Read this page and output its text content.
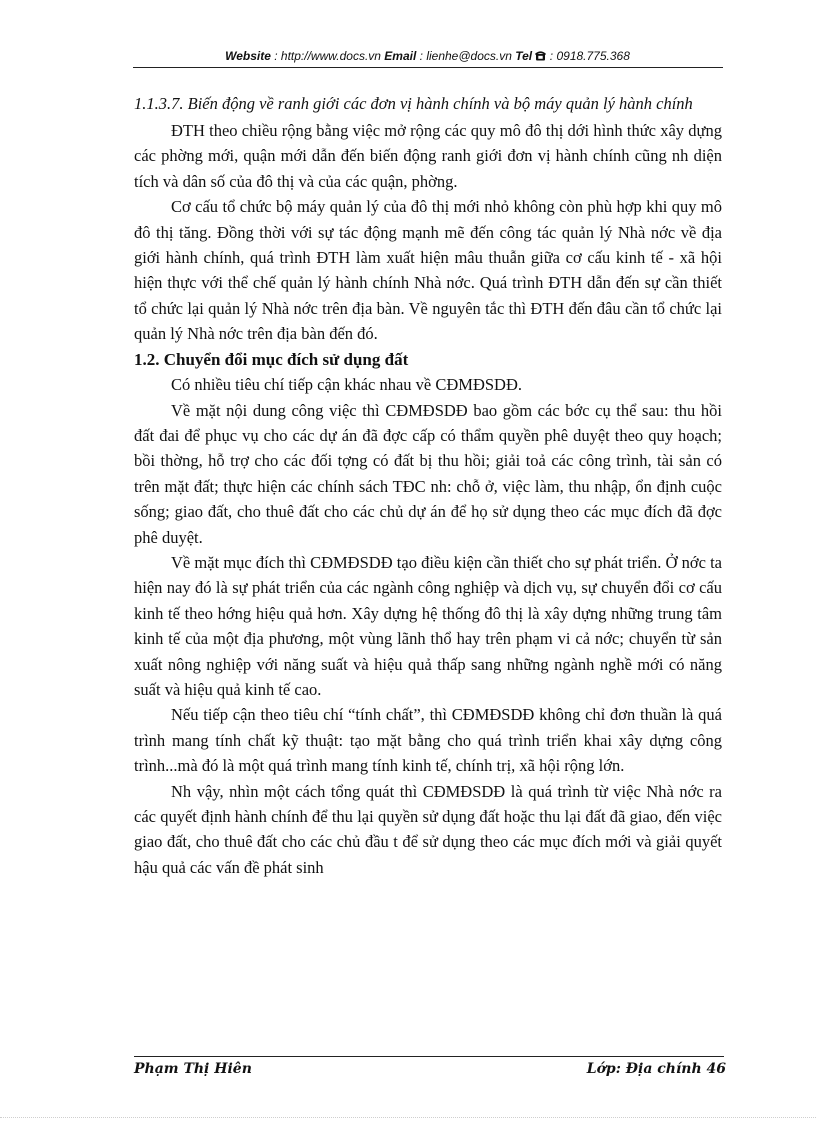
Website : http://www.docs.vn Email : lienhe@docs.vn Tel  : 0918.775.368

1.1.3.7. Biến động về ranh giới các đơn vị hành chính và bộ máy quản lý hành chính

ĐTH theo chiều rộng bằng việc mở rộng các quy mô đô thị dới hình thức xây dựng các phờng mới, quận mới dẫn đến biến động ranh giới đơn vị hành chính cũng nh diện tích và dân số của đô thị và của các quận, phờng.

Cơ cấu tổ chức bộ máy quản lý của đô thị mới nhỏ không còn phù hợp khi quy mô đô thị tăng. Đồng thời với sự tác động mạnh mẽ đến công tác quản lý Nhà nớc về địa giới hành chính, quá trình ĐTH làm xuất hiện mâu thuẫn giữa cơ cấu kinh tế - xã hội hiện thực với thể chế quản lý hành chính Nhà nớc. Quá trình ĐTH dẫn đến sự cần thiết tổ chức lại quản lý Nhà nớc trên địa bàn. Về nguyên tắc thì ĐTH đến đâu cần tổ chức lại quản lý Nhà nớc trên địa bàn đến đó.

1.2. Chuyển đổi mục đích sử dụng đất

Có nhiều tiêu chí tiếp cận khác nhau về CĐMĐSDĐ.

Về mặt nội dung công việc thì CĐMĐSDĐ bao gồm các bớc cụ thể sau: thu hồi đất đai để phục vụ cho các dự án đã đợc cấp có thẩm quyền phê duyệt theo quy hoạch; bồi thờng, hỗ trợ cho các đối tợng có đất bị thu hồi; giải toả các công trình, tài sản có trên mặt đất; thực hiện các chính sách TĐC nh: chỗ ở, việc làm, thu nhập, ổn định cuộc sống; giao đất, cho thuê đất cho các chủ dự án để họ sử dụng theo các mục đích đã đợc phê duyệt.

Về mặt mục đích thì CĐMĐSDĐ tạo điều kiện cần thiết cho sự phát triển. Ở nớc ta hiện nay đó là sự phát triển của các ngành công nghiệp và dịch vụ, sự chuyển đổi cơ cấu kinh tế theo hớng hiệu quả hơn. Xây dựng hệ thống đô thị là xây dựng những trung tâm kinh tế của một địa phương, một vùng lãnh thổ hay trên phạm vi cả nớc; chuyển từ sản xuất nông nghiệp với năng suất và hiệu quả thấp sang những ngành nghề mới có năng suất và hiệu quả kinh tế cao.

Nếu tiếp cận theo tiêu chí “tính chất”, thì CĐMĐSDĐ không chỉ đơn thuần là quá trình mang tính chất kỹ thuật: tạo mặt bằng cho quá trình triển khai xây dựng công trình...mà đó là một quá trình mang tính kinh tế, chính trị, xã hội rộng lớn.

Nh vậy, nhìn một cách tổng quát thì CĐMĐSDĐ là quá trình từ việc Nhà nớc ra các quyết định hành chính để thu lại quyền sử dụng đất hoặc thu lại đất đã giao, đến việc giao đất, cho thuê đất cho các chủ đầu t để sử dụng theo các mục đích mới và giải quyết hậu quả các vấn đề phát sinh

Phạm Thị Hiên	Lớp: Địa chính 46
